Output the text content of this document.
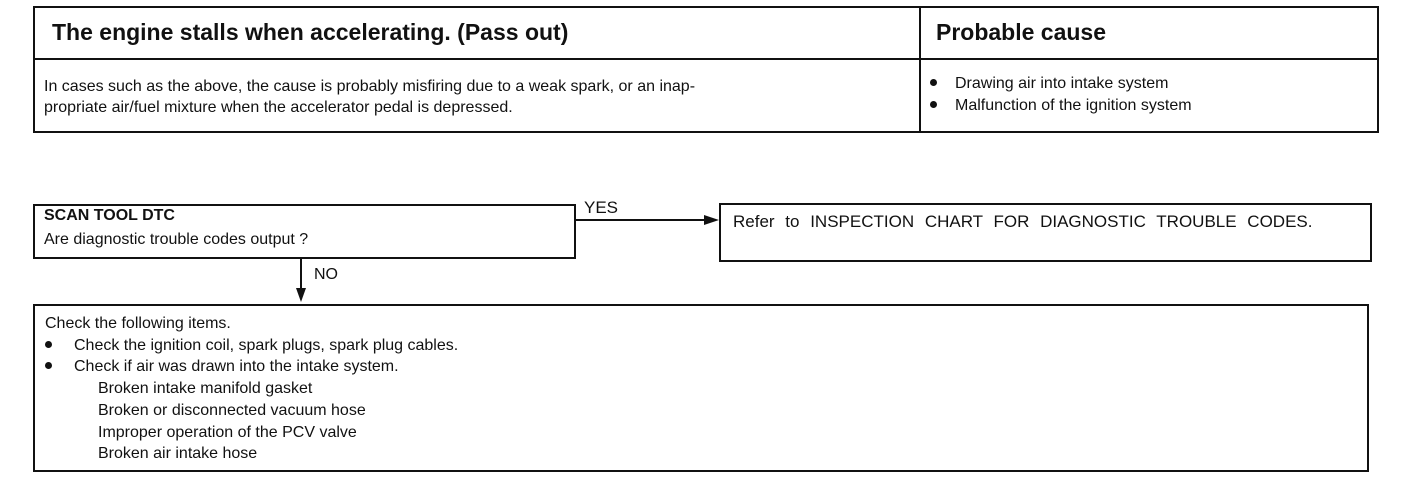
The engine stalls when accelerating. (Pass out)	Probable cause
In cases such as the above, the cause is probably misfiring due to a weak spark, or an inap-
propriate air/fuel mixture when the accelerator pedal is depressed.
Drawing air into intake system
Malfunction of the ignition system
SCAN TOOL DTC
Are diagnostic trouble codes output ?
YES
NO
Refer to INSPECTION CHART FOR DIAGNOSTIC TROUBLE CODES.
Check the following items.
Check the ignition coil, spark plugs, spark plug cables.
Check if air was drawn into the intake system.
Broken intake manifold gasket
Broken or disconnected vacuum hose
Improper operation of the PCV valve
Broken air intake hose
